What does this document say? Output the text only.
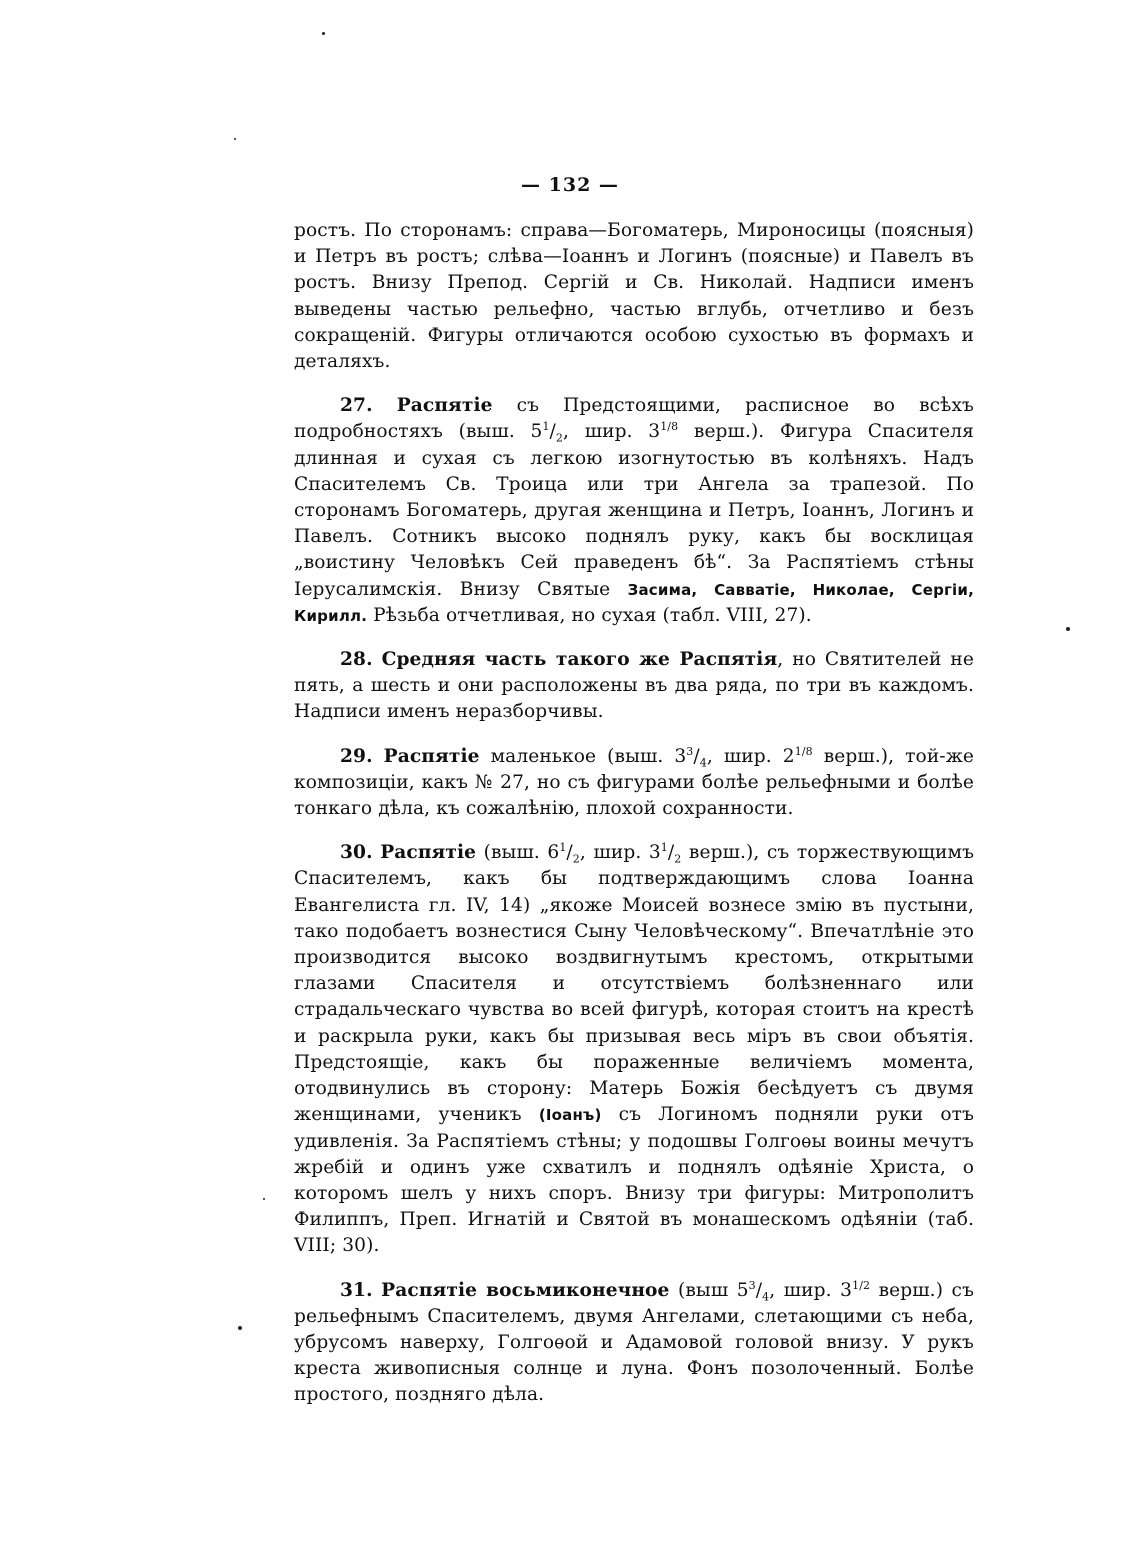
— 132 —

ростъ. По сторонамъ: справа—Богоматерь, Мироносицы (поясныя) и Петръ въ ростъ; слѣва—Іоаннъ и Логинъ (поясные) и Павелъ въ ростъ. Внизу Препод. Сергій и Св. Николай. Надписи именъ выведены частью рельефно, частью вглубь, отчетливо и безъ сокращеній. Фигуры отличаются особою сухостью въ формахъ и деталяхъ.

27. Распятіе съ Предстоящими, расписное во всѣхъ подробностяхъ (выш. $5^1/_2$, шир. $3^{1/8}$ верш.). Фигура Спасителя длинная и сухая съ легкою изогнутостью въ колѣняхъ. Надъ Спасителемъ Св. Троица или три Ангела за трапезой. По сторонамъ Богоматерь, другая женщина и Петръ, Іоаннъ, Логинъ и Павелъ. Сотникъ высоко поднялъ руку, какъ бы восклицая „воистину Человѣкъ Сей праведенъ бѣ“. За Распятіемъ стѣны Іерусалимскія. Внизу Святые Засима, Савватіе, Николае, Сергіи, Кирилл. Рѣзьба отчетливая, но сухая (табл. VIII, 27).

28. Средняя часть такого же Распятія, но Святителей не пять, а шесть и они расположены въ два ряда, по три въ каждомъ. Надписи именъ неразборчивы.

29. Распятіе маленькое (выш. $3^3/_4$, шир. $2^{1/8}$ верш.), той-же композиціи, какъ № 27, но съ фигурами болѣе рельефными и болѣе тонкаго дѣла, къ сожалѣнію, плохой сохранности.

30. Распятіе (выш. $6^1/_2$, шир. $3^1/_2$ верш.), съ торжествующимъ Спасителемъ, какъ бы подтверждающимъ слова Іоанна Евангелиста гл. IV, 14) „якоже Моисей вознесе змію въ пустыни, тако подобаетъ вознестися Сыну Человѣческому“. Впечатлѣніе это производится высоко воздвигнутымъ крестомъ, открытыми глазами Спасителя и отсутствіемъ болѣзненнаго или страдальческаго чувства во всей фигурѣ, которая стоитъ на крестѣ и раскрыла руки, какъ бы призывая весь міръ въ свои объятія. Предстоящіе, какъ бы пораженные величіемъ момента, отодвинулись въ сторону: Матерь Божія бесѣдуетъ съ двумя женщинами, ученикъ (Іоанъ) съ Логиномъ подняли руки отъ удивленія. За Распятіемъ стѣны; у подошвы Голгоѳы воины мечутъ жребій и одинъ уже схватилъ и поднялъ одѣяніе Христа, о которомъ шелъ у нихъ споръ. Внизу три фигуры: Митрополитъ Филиппъ, Преп. Игнатій и Святой въ монашескомъ одѣяніи (таб. VIII; 30).

31. Распятіе восьмиконечное (выш $5^3/_4$, шир. $3^{1/2}$ верш.) съ рельефнымъ Спасителемъ, двумя Ангелами, слетающими съ неба, убрусомъ наверху, Голгоѳой и Адамовой головой внизу. У рукъ креста живописныя солнце и луна. Фонъ позолоченный. Болѣе простого, поздняго дѣла.
